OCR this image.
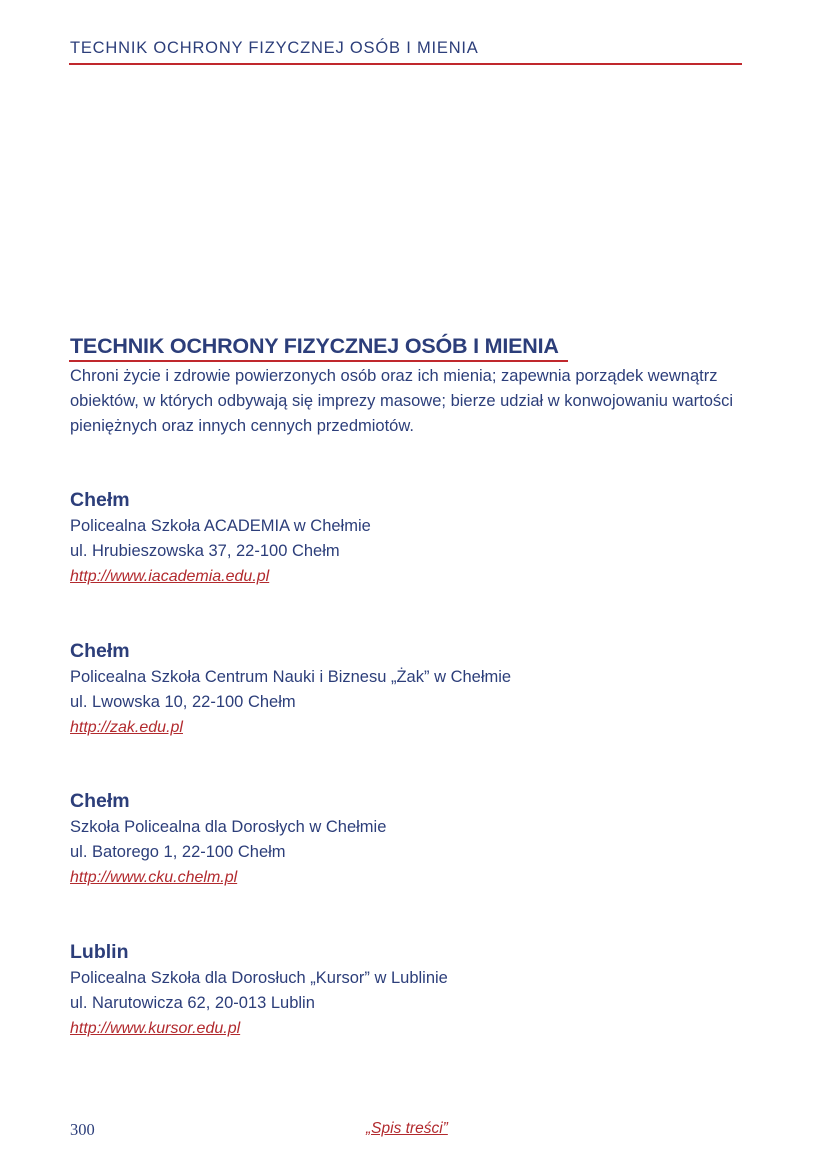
TECHNIK OCHRONY FIZYCZNEJ OSÓB I MIENIA
TECHNIK OCHRONY FIZYCZNEJ OSÓB I MIENIA

Chroni życie i zdrowie powierzonych osób oraz ich mienia; zapewnia porządek wewnątrz
obiektów, w których odbywają się imprezy masowe; bierze udział w konwojowaniu wartości
pieniężnych oraz innych cennych przedmiotów.

Chełm

Policealna Szkoła ACADEMIA w Chełmie

ul. Hrubieszowska 37, 22-100 Chełm

http://www.iacademia.edu.pl

Chełm

Policealna Szkoła Centrum Nauki i Biznesu „Żak” w Chełmie

ul. Lwowska 10, 22-100 Chełm

http://zak.edu.pl

Chełm

Szkoła Policealna dla Dorosłych w Chełmie

ul. Batorego 1, 22-100 Chełm

http://www.cku.chelm.pl

Lublin

Policealna Szkoła dla Dorosłuch „Kursor” w Lublinie

ul. Narutowicza 62, 20-013 Lublin

http://www.kursor.edu.pl
300	„Spis treści”
